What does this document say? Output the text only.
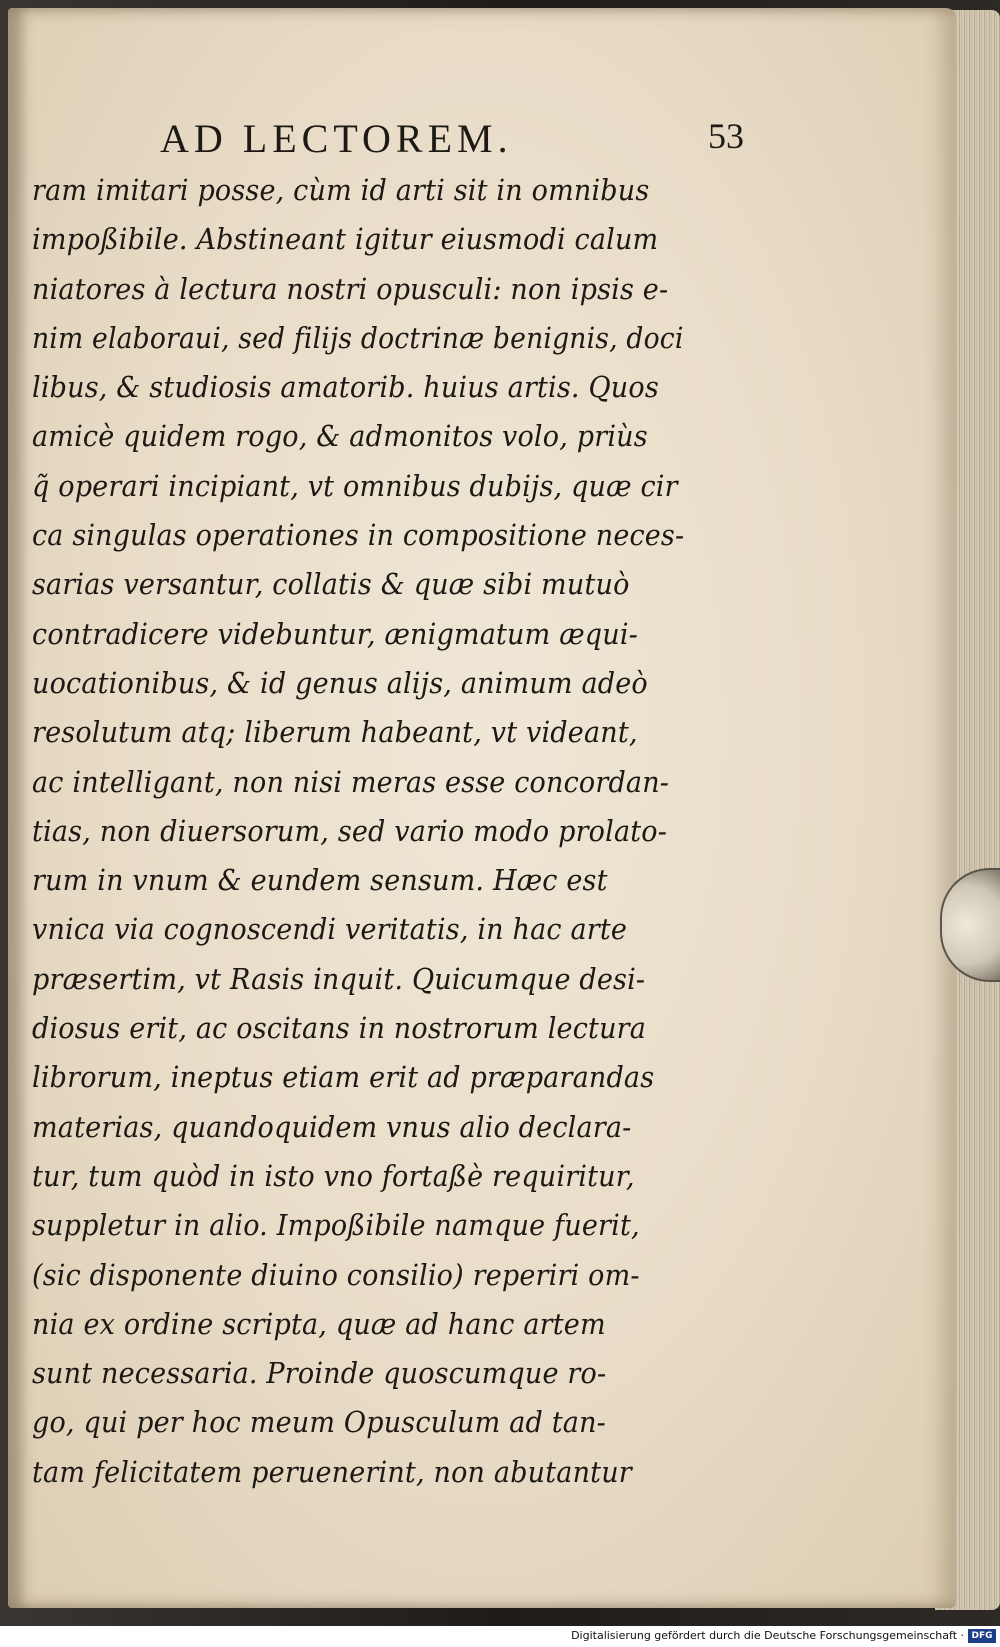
AD LECTOREM.	53
ram imitari posse, cùm id arti sit in omnibus
impoßibile. Abstineant igitur eiusmodi calum
niatores à lectura nostri opusculi: non ipsis e-
nim elaboraui, sed filijs doctrinæ benignis, doci
libus, & studiosis amatorib. huius artis. Quos
amicè quidem rogo, & admonitos volo, priùs
q̃ operari incipiant, vt omnibus dubijs, quæ cir
ca singulas operationes in compositione neces-
sarias versantur, collatis & quæ sibi mutuò
contradicere videbuntur, ænigmatum æqui-
uocationibus, & id genus alijs, animum adeò
resolutum atq; liberum habeant, vt videant,
ac intelligant, non nisi meras esse concordan-
tias, non diuersorum, sed vario modo prolato-
rum in vnum & eundem sensum. Hæc est
vnica via cognoscendi veritatis, in hac arte
præsertim, vt Rasis inquit. Quicumque desi-
diosus erit, ac oscitans in nostrorum lectura
librorum, ineptus etiam erit ad præparandas
materias, quandoquidem vnus alio declara-
tur, tum quòd in isto vno fortaßè requiritur,
suppletur in alio. Impoßibile namque fuerit,
(sic disponente diuino consilio) reperiri om-
nia ex ordine scripta, quæ ad hanc artem
sunt necessaria. Proinde quoscumque ro-
go, qui per hoc meum Opusculum ad tan-
tam felicitatem peruenerint, non abutantur
Digitalisierung gefördert durch die Deutsche Forschungsgemeinschaft · DFG
